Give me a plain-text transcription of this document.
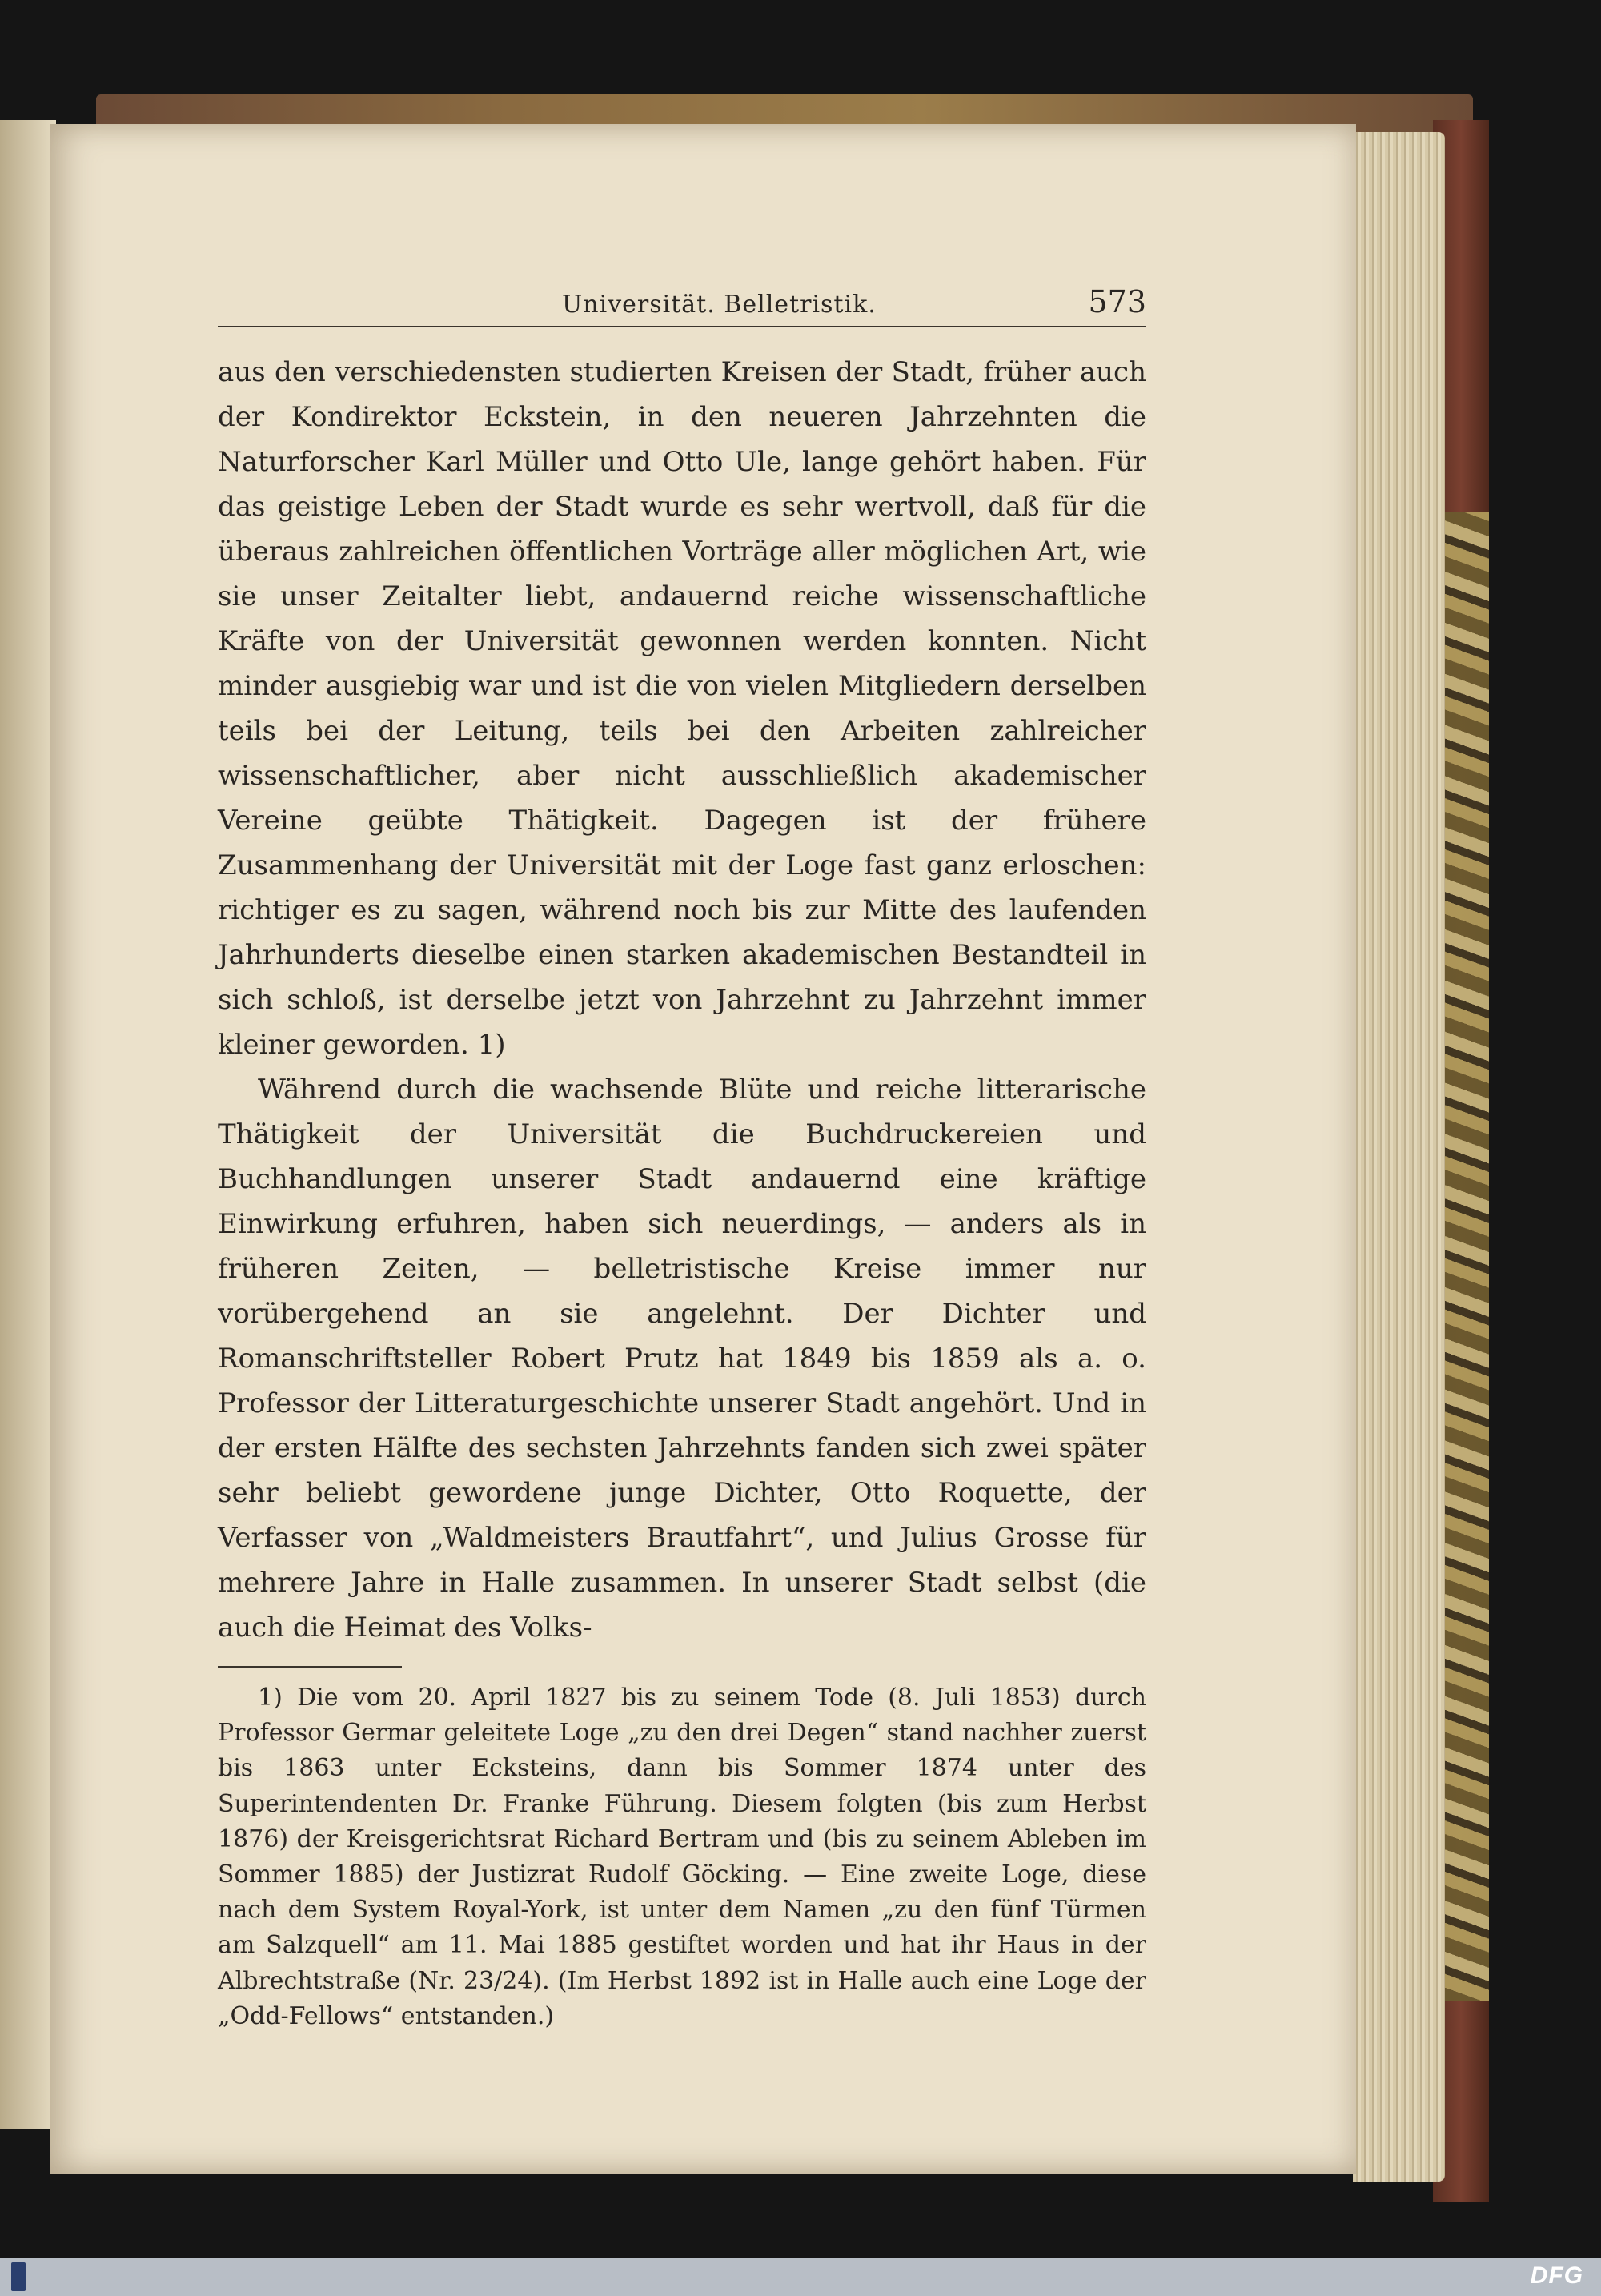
Universität. Belletristik.	573

aus den verschiedensten studierten Kreisen der Stadt, früher auch der Kondirektor Eckstein, in den neueren Jahrzehnten die Naturforscher Karl Müller und Otto Ule, lange gehört haben. Für das geistige Leben der Stadt wurde es sehr wertvoll, daß für die überaus zahlreichen öffentlichen Vorträge aller möglichen Art, wie sie unser Zeitalter liebt, andauernd reiche wissenschaftliche Kräfte von der Universität gewonnen werden konnten. Nicht minder ausgiebig war und ist die von vielen Mitgliedern derselben teils bei der Leitung, teils bei den Arbeiten zahlreicher wissenschaftlicher, aber nicht ausschließlich akademischer Vereine geübte Thätigkeit. Dagegen ist der frühere Zusammenhang der Universität mit der Loge fast ganz erloschen: richtiger es zu sagen, während noch bis zur Mitte des laufenden Jahrhunderts dieselbe einen starken akademischen Bestandteil in sich schloß, ist derselbe jetzt von Jahrzehnt zu Jahrzehnt immer kleiner geworden. 1)

Während durch die wachsende Blüte und reiche litterarische Thätigkeit der Universität die Buchdruckereien und Buchhandlungen unserer Stadt andauernd eine kräftige Einwirkung erfuhren, haben sich neuerdings, — anders als in früheren Zeiten, — belletristische Kreise immer nur vorübergehend an sie angelehnt. Der Dichter und Romanschriftsteller Robert Prutz hat 1849 bis 1859 als a. o. Professor der Litteraturgeschichte unserer Stadt angehört. Und in der ersten Hälfte des sechsten Jahrzehnts fanden sich zwei später sehr beliebt gewordene junge Dichter, Otto Roquette, der Verfasser von „Waldmeisters Brautfahrt“, und Julius Grosse für mehrere Jahre in Halle zusammen. In unserer Stadt selbst (die auch die Heimat des Volks-

1) Die vom 20. April 1827 bis zu seinem Tode (8. Juli 1853) durch Professor Germar geleitete Loge „zu den drei Degen“ stand nachher zuerst bis 1863 unter Ecksteins, dann bis Sommer 1874 unter des Superintendenten Dr. Franke Führung. Diesem folgten (bis zum Herbst 1876) der Kreisgerichtsrat Richard Bertram und (bis zu seinem Ableben im Sommer 1885) der Justizrat Rudolf Göcking. — Eine zweite Loge, diese nach dem System Royal-York, ist unter dem Namen „zu den fünf Türmen am Salzquell“ am 11. Mai 1885 gestiftet worden und hat ihr Haus in der Albrechtstraße (Nr. 23/24). (Im Herbst 1892 ist in Halle auch eine Loge der „Odd-Fellows“ entstanden.)

DFG
